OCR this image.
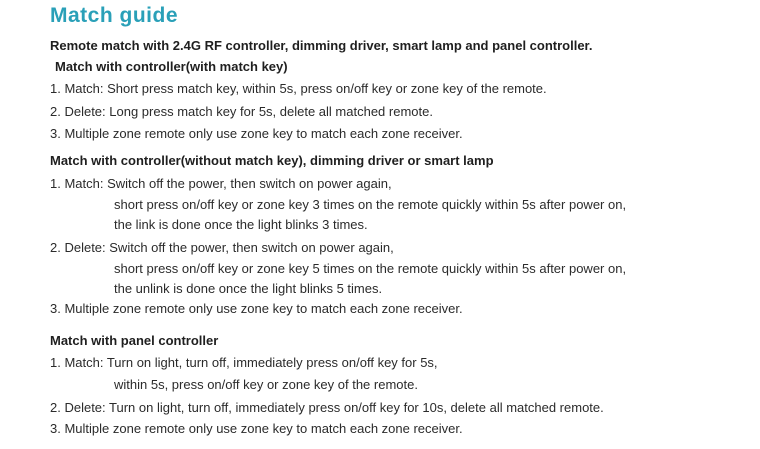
Match guide
Remote match with 2.4G RF controller, dimming driver, smart lamp and panel controller.
Match with controller(with match key)
1. Match: Short press match key, within 5s, press on/off key or zone key of the remote.
2. Delete: Long press match key for 5s, delete all matched remote.
3. Multiple zone remote only use zone key to match each zone receiver.
Match with controller(without match key), dimming driver or smart lamp
1. Match: Switch off the power, then switch on power again,
short press on/off key or zone key 3 times on the remote quickly within 5s after power on,
the link is done once the light blinks 3 times.
2. Delete: Switch off the power, then switch on power again,
short press on/off key or zone key 5 times on the remote quickly within 5s after power on,
the unlink is done once the light blinks 5 times.
3. Multiple zone remote only use zone key to match each zone receiver.
Match with panel controller
1. Match: Turn on light, turn off, immediately press on/off key for 5s,
within 5s, press on/off key or zone key of the remote.
2. Delete: Turn on light, turn off, immediately press on/off key for 10s, delete all matched remote.
3. Multiple zone remote only use zone key to match each zone receiver.
